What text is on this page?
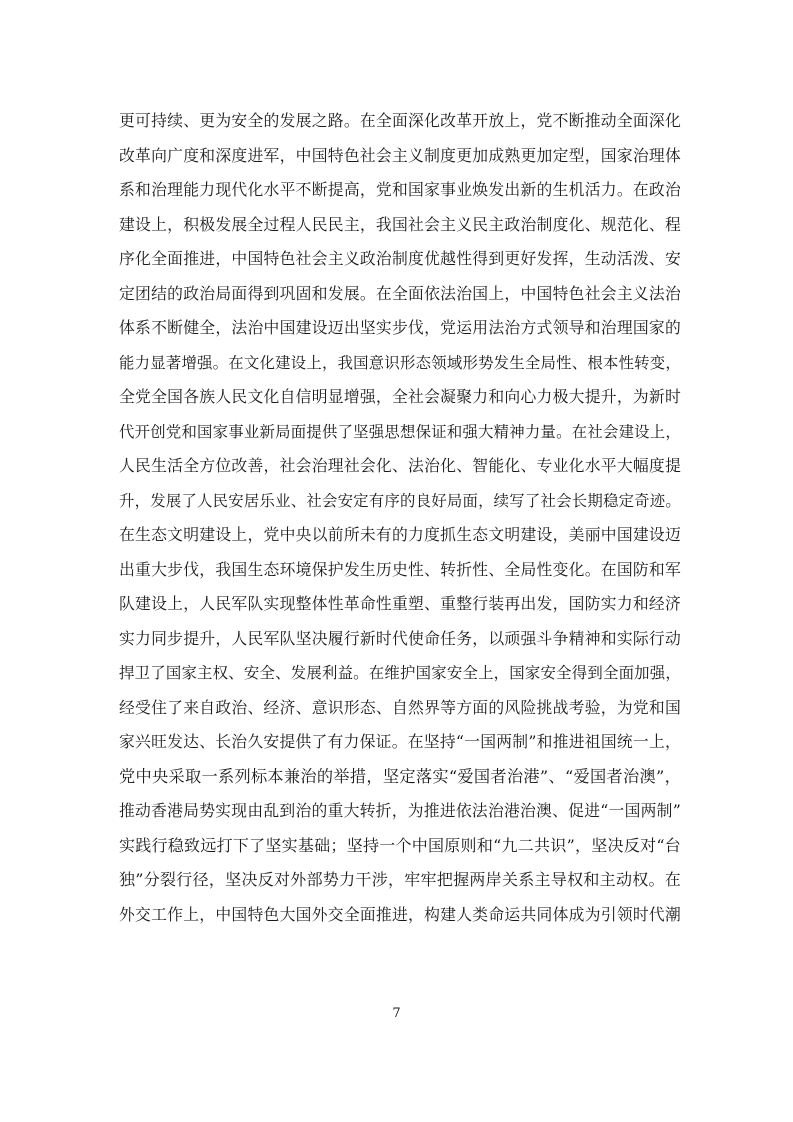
更可持续、更为安全的发展之路。在全面深化改革开放上，党不断推动全面深化
改革向广度和深度进军，中国特色社会主义制度更加成熟更加定型，国家治理体
系和治理能力现代化水平不断提高，党和国家事业焕发出新的生机活力。在政治
建设上，积极发展全过程人民民主，我国社会主义民主政治制度化、规范化、程
序化全面推进，中国特色社会主义政治制度优越性得到更好发挥，生动活泼、安
定团结的政治局面得到巩固和发展。在全面依法治国上，中国特色社会主义法治
体系不断健全，法治中国建设迈出坚实步伐，党运用法治方式领导和治理国家的
能力显著增强。在文化建设上，我国意识形态领域形势发生全局性、根本性转变，
全党全国各族人民文化自信明显增强，全社会凝聚力和向心力极大提升，为新时
代开创党和国家事业新局面提供了坚强思想保证和强大精神力量。在社会建设上，
人民生活全方位改善，社会治理社会化、法治化、智能化、专业化水平大幅度提
升，发展了人民安居乐业、社会安定有序的良好局面，续写了社会长期稳定奇迹。
在生态文明建设上，党中央以前所未有的力度抓生态文明建设，美丽中国建设迈
出重大步伐，我国生态环境保护发生历史性、转折性、全局性变化。在国防和军
队建设上，人民军队实现整体性革命性重塑、重整行装再出发，国防实力和经济
实力同步提升，人民军队坚决履行新时代使命任务，以顽强斗争精神和实际行动
捍卫了国家主权、安全、发展利益。在维护国家安全上，国家安全得到全面加强，
经受住了来自政治、经济、意识形态、自然界等方面的风险挑战考验，为党和国
家兴旺发达、长治久安提供了有力保证。在坚持“一国两制”和推进祖国统一上，
党中央采取一系列标本兼治的举措，坚定落实“爱国者治港”、“爱国者治澳”，
推动香港局势实现由乱到治的重大转折，为推进依法治港治澳、促进“一国两制”
实践行稳致远打下了坚实基础；坚持一个中国原则和“九二共识”，坚决反对“台
独”分裂行径，坚决反对外部势力干涉，牢牢把握两岸关系主导权和主动权。在
外交工作上，中国特色大国外交全面推进，构建人类命运共同体成为引领时代潮
7
